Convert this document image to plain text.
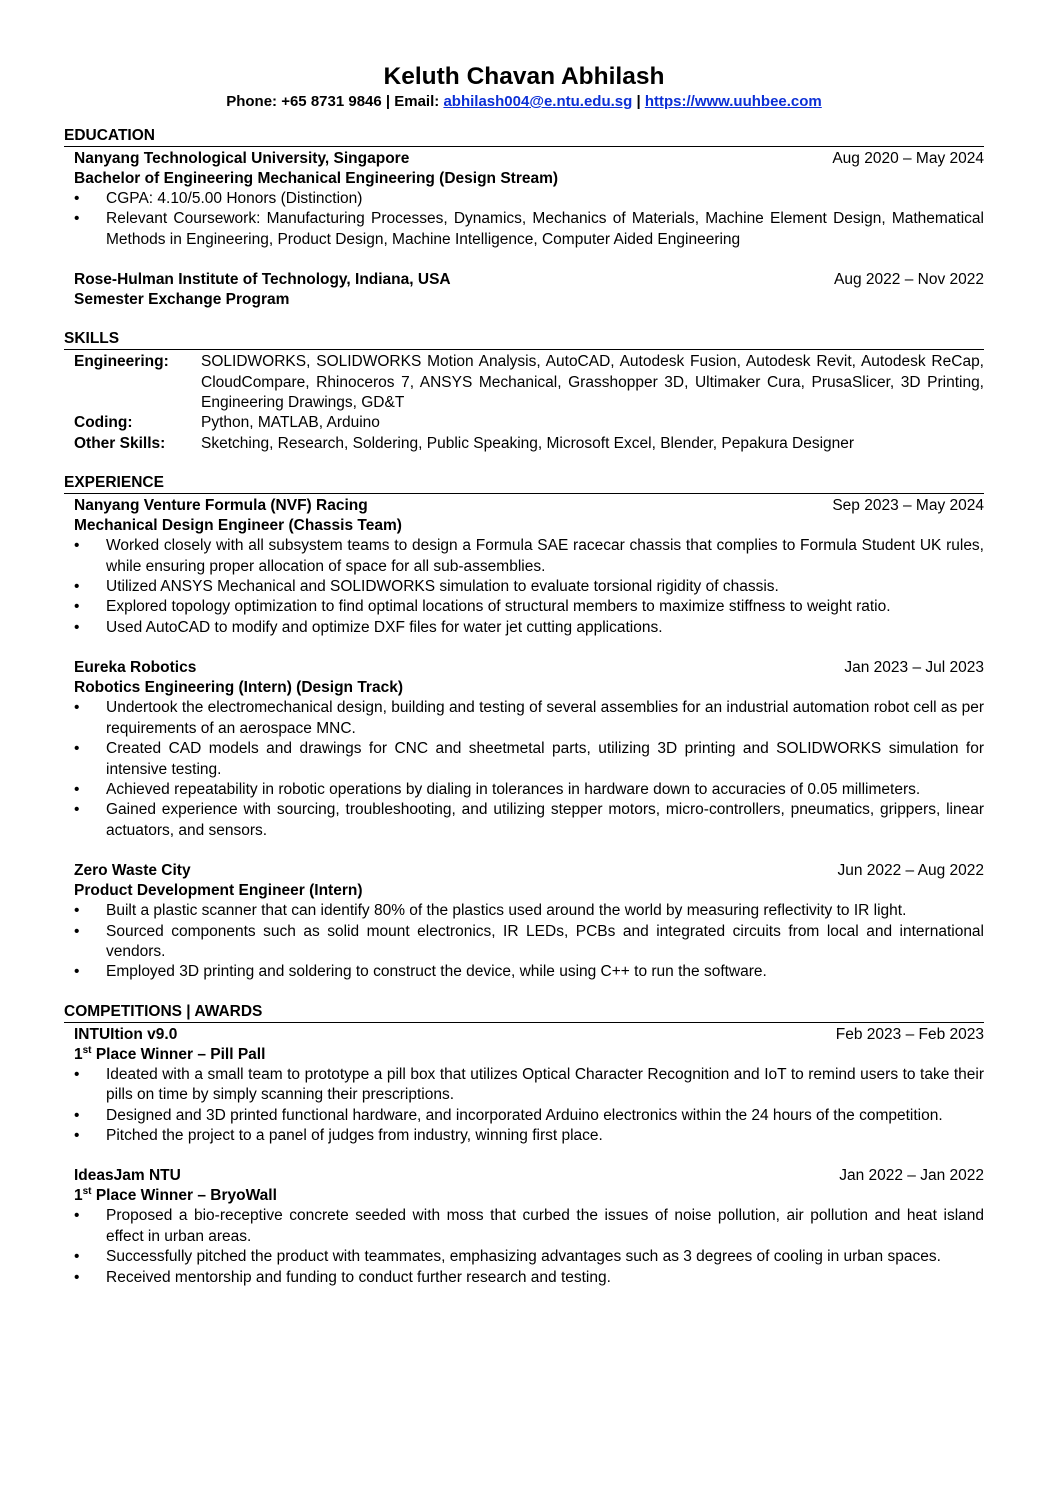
Keluth Chavan Abhilash
Phone: +65 8731 9846 | Email: abhilash004@e.ntu.edu.sg | https://www.uuhbee.com
EDUCATION
Nanyang Technological University, Singapore	Aug 2020 – May 2024
Bachelor of Engineering Mechanical Engineering (Design Stream)
• CGPA: 4.10/5.00 Honors (Distinction)
• Relevant Coursework: Manufacturing Processes, Dynamics, Mechanics of Materials, Machine Element Design, Mathematical Methods in Engineering, Product Design, Machine Intelligence, Computer Aided Engineering
Rose-Hulman Institute of Technology, Indiana, USA	Aug 2022 – Nov 2022
Semester Exchange Program
SKILLS
Engineering:	SOLIDWORKS, SOLIDWORKS Motion Analysis, AutoCAD, Autodesk Fusion, Autodesk Revit, Autodesk ReCap, CloudCompare, Rhinoceros 7, ANSYS Mechanical, Grasshopper 3D, Ultimaker Cura, PrusaSlicer, 3D Printing, Engineering Drawings, GD&T
Coding:	Python, MATLAB, Arduino
Other Skills:	Sketching, Research, Soldering, Public Speaking, Microsoft Excel, Blender, Pepakura Designer
EXPERIENCE
Nanyang Venture Formula (NVF) Racing	Sep 2023 – May 2024
Mechanical Design Engineer (Chassis Team)
• Worked closely with all subsystem teams to design a Formula SAE racecar chassis that complies to Formula Student UK rules, while ensuring proper allocation of space for all sub-assemblies.
• Utilized ANSYS Mechanical and SOLIDWORKS simulation to evaluate torsional rigidity of chassis.
• Explored topology optimization to find optimal locations of structural members to maximize stiffness to weight ratio.
• Used AutoCAD to modify and optimize DXF files for water jet cutting applications.
Eureka Robotics	Jan 2023 – Jul 2023
Robotics Engineering (Intern) (Design Track)
• Undertook the electromechanical design, building and testing of several assemblies for an industrial automation robot cell as per requirements of an aerospace MNC.
• Created CAD models and drawings for CNC and sheetmetal parts, utilizing 3D printing and SOLIDWORKS simulation for intensive testing.
• Achieved repeatability in robotic operations by dialing in tolerances in hardware down to accuracies of 0.05 millimeters.
• Gained experience with sourcing, troubleshooting, and utilizing stepper motors, micro-controllers, pneumatics, grippers, linear actuators, and sensors.
Zero Waste City	Jun 2022 – Aug 2022
Product Development Engineer (Intern)
• Built a plastic scanner that can identify 80% of the plastics used around the world by measuring reflectivity to IR light.
• Sourced components such as solid mount electronics, IR LEDs, PCBs and integrated circuits from local and international vendors.
• Employed 3D printing and soldering to construct the device, while using C++ to run the software.
COMPETITIONS | AWARDS
INTUItion v9.0	Feb 2023 – Feb 2023
1st Place Winner – Pill Pall
• Ideated with a small team to prototype a pill box that utilizes Optical Character Recognition and IoT to remind users to take their pills on time by simply scanning their prescriptions.
• Designed and 3D printed functional hardware, and incorporated Arduino electronics within the 24 hours of the competition.
• Pitched the project to a panel of judges from industry, winning first place.
IdeasJam NTU	Jan 2022 – Jan 2022
1st Place Winner – BryoWall
• Proposed a bio-receptive concrete seeded with moss that curbed the issues of noise pollution, air pollution and heat island effect in urban areas.
• Successfully pitched the product with teammates, emphasizing advantages such as 3 degrees of cooling in urban spaces.
• Received mentorship and funding to conduct further research and testing.
